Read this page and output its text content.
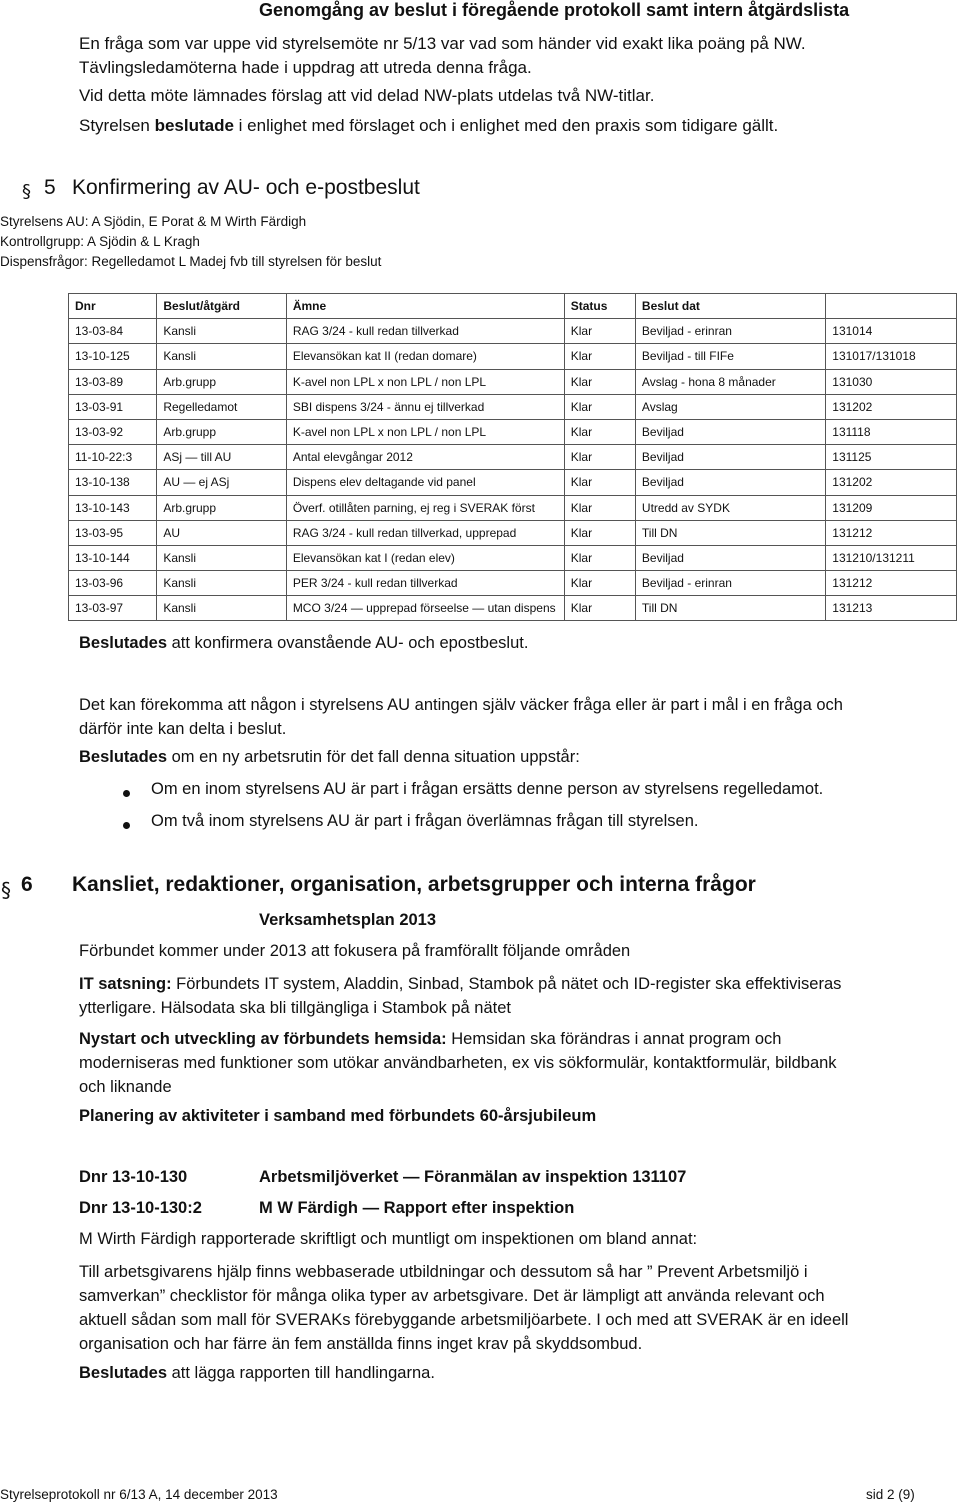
Genomgång av beslut i föregående protokoll samt intern åtgärdslista
En fråga som var uppe vid styrelsemöte nr 5/13 var vad som händer vid exakt lika poäng på NW.
Tävlingsledamöterna hade i uppdrag att utreda denna fråga.
Vid detta möte lämnades förslag att vid delad NW-plats utdelas två NW-titlar.
Styrelsen beslutade i enlighet med förslaget och i enlighet med den praxis som tidigare gällt.
§ 5 Konfirmering av AU- och e-postbeslut
Styrelsens AU: A Sjödin, E Porat & M Wirth Färdigh
Kontrollgrupp: A Sjödin & L Kragh
Dispensfrågor: Regelledamot L Madej fvb till styrelsen för beslut
Dnr	Beslut/åtgärd	Ämne	Status	Beslut dat	
13-03-84	Kansli	RAG 3/24 - kull redan tillverkad	Klar	Beviljad - erinran	131014
13-10-125	Kansli	Elevansökan kat II (redan domare)	Klar	Beviljad - till FIFe	131017/131018
13-03-89	Arb.grupp	K-avel non LPL x non LPL / non LPL	Klar	Avslag - hona 8 månader	131030
13-03-91	Regelledamot	SBI dispens 3/24 - ännu ej tillverkad	Klar	Avslag	131202
13-03-92	Arb.grupp	K-avel non LPL x non LPL / non LPL	Klar	Beviljad	131118
11-10-22:3	ASj — till AU	Antal elevgångar 2012	Klar	Beviljad	131125
13-10-138	AU — ej ASj	Dispens elev deltagande vid panel	Klar	Beviljad	131202
13-10-143	Arb.grupp	Överf. otillåten parning, ej reg i SVERAK först	Klar	Utredd av SYDK	131209
13-03-95	AU	RAG 3/24 - kull redan tillverkad, upprepad	Klar	Till DN	131212
13-10-144	Kansli	Elevansökan kat I (redan elev)	Klar	Beviljad	131210/131211
13-03-96	Kansli	PER 3/24 - kull redan tillverkad	Klar	Beviljad - erinran	131212
13-03-97	Kansli	MCO 3/24 — upprepad förseelse — utan dispens	Klar	Till DN	131213
Beslutades att konfirmera ovanstående AU- och epostbeslut.
Det kan förekomma att någon i styrelsens AU antingen själv väcker fråga eller är part i mål i en fråga och
därför inte kan delta i beslut.
Beslutades om en ny arbetsrutin för det fall denna situation uppstår:
Om en inom styrelsens AU är part i frågan ersätts denne person av styrelsens regelledamot.
Om två inom styrelsens AU är part i frågan överlämnas frågan till styrelsen.
§ 6 Kansliet, redaktioner, organisation, arbetsgrupper och interna frågor
Verksamhetsplan 2013
Förbundet kommer under 2013 att fokusera på framförallt följande områden
IT satsning: Förbundets IT system, Aladdin, Sinbad, Stambok på nätet och ID-register ska effektiviseras
ytterligare. Hälsodata ska bli tillgängliga i Stambok på nätet
Nystart och utveckling av förbundets hemsida: Hemsidan ska förändras i annat program och
moderniseras med funktioner som utökar användbarheten, ex vis sökformulär, kontaktformulär, bildbank
och liknande
Planering av aktiviteter i samband med förbundets 60-årsjubileum
Dnr 13-10-130	Arbetsmiljöverket — Föranmälan av inspektion 131107
Dnr 13-10-130:2	M W Färdigh — Rapport efter inspektion
M Wirth Färdigh rapporterade skriftligt och muntligt om inspektionen om bland annat:
Till arbetsgivarens hjälp finns webbaserade utbildningar och dessutom så har ” Prevent Arbetsmiljö i
samverkan” checklistor för många olika typer av arbetsgivare. Det är lämpligt att använda relevant och
aktuell sådan som mall för SVERAKs förebyggande arbetsmiljöarbete. I och med att SVERAK är en ideell
organisation och har färre än fem anställda finns inget krav på skyddsombud.
Beslutades att lägga rapporten till handlingarna.
Styrelseprotokoll nr 6/13 A, 14 december 2013	sid 2 (9)
